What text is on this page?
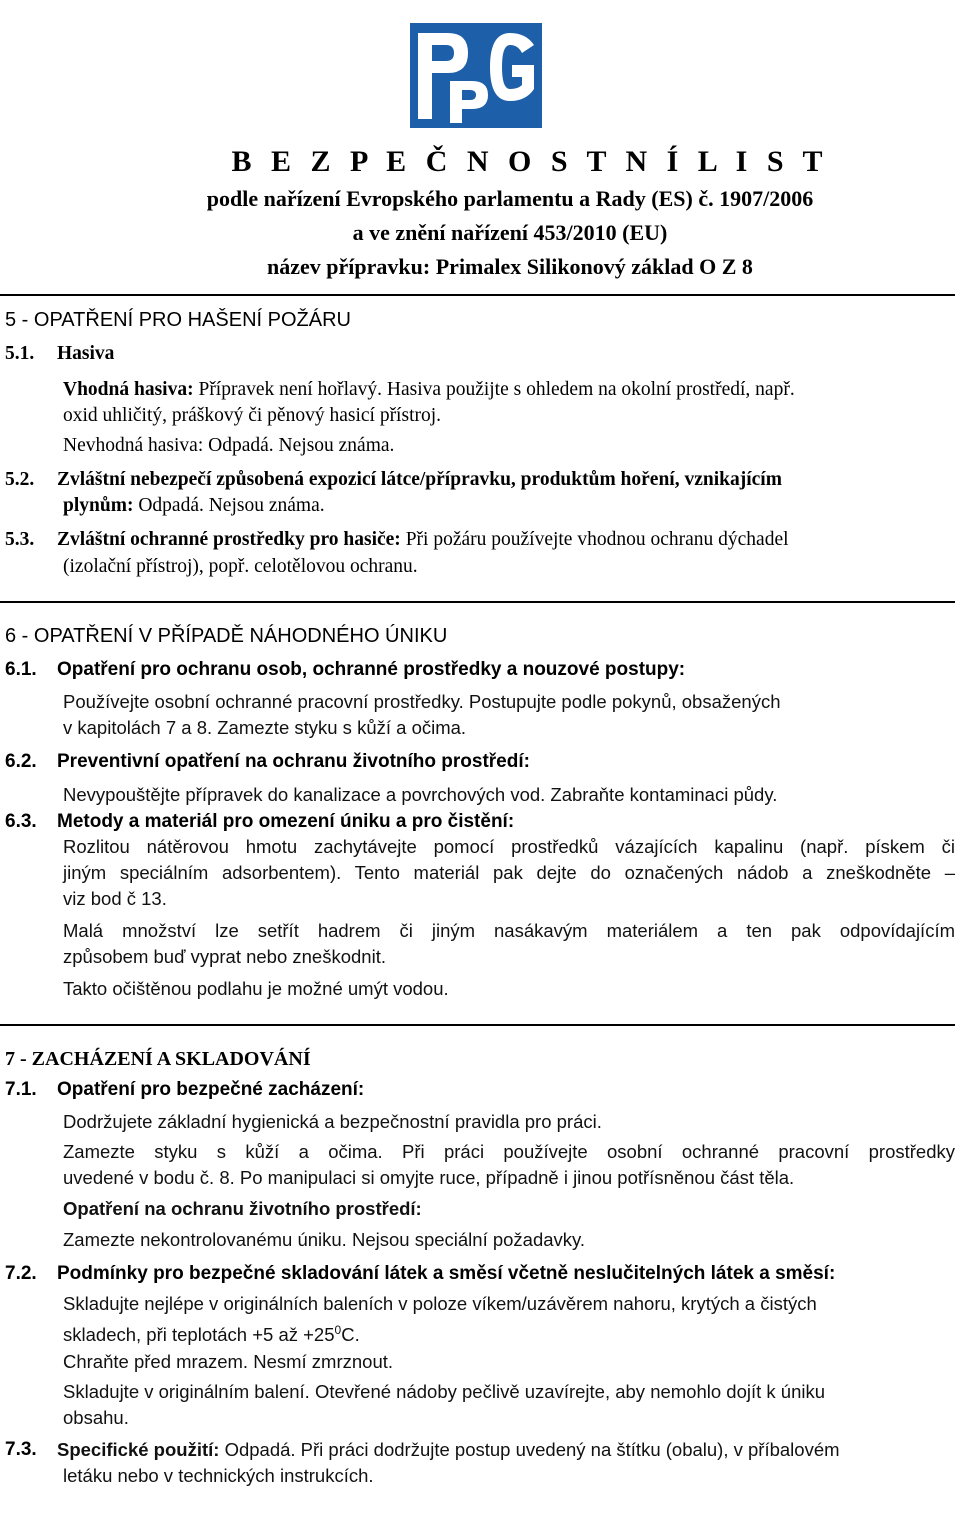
B E Z P E Č N O S T N Í L I S T
podle nařízení Evropského parlamentu a Rady (ES) č. 1907/2006
a ve znění nařízení 453/2010 (EU)
název přípravku: Primalex Silikonový základ O Z 8
5 - OPATŘENÍ PRO HAŠENÍ POŽÁRU
5.1. Hasiva
Vhodná hasiva: Přípravek není hořlavý. Hasiva použijte s ohledem na okolní prostředí, např.
oxid uhličitý, práškový či pěnový hasicí přístroj.
Nevhodná hasiva: Odpadá. Nejsou známa.
5.2. Zvláštní nebezpečí způsobená expozicí látce/přípravku, produktům hoření, vznikajícím
plynům: Odpadá. Nejsou známa.
5.3. Zvláštní ochranné prostředky pro hasiče: Při požáru používejte vhodnou ochranu dýchadel
(izolační přístroj), popř. celotělovou ochranu.
6 - OPATŘENÍ V PŘÍPADĚ NÁHODNÉHO ÚNIKU
6.1. Opatření pro ochranu osob, ochranné prostředky a nouzové postupy:
Používejte osobní ochranné pracovní prostředky. Postupujte podle pokynů, obsažených
v kapitolách 7 a 8. Zamezte styku s kůží a očima.
6.2. Preventivní opatření na ochranu životního prostředí:
Nevypouštějte přípravek do kanalizace a povrchových vod. Zabraňte kontaminaci půdy.
6.3. Metody a materiál pro omezení úniku a pro čistění:
Rozlitou nátěrovou hmotu zachytávejte pomocí prostředků vázajících kapalinu (např. pískem či
jiným speciálním adsorbentem). Tento materiál pak dejte do označených nádob a zneškodněte –
viz bod č 13.
Malá množství lze setřít hadrem či jiným nasákavým materiálem a ten pak odpovídajícím
způsobem buď vyprat nebo zneškodnit.
Takto očištěnou podlahu je možné umýt vodou.
7 - ZACHÁZENÍ A SKLADOVÁNÍ
7.1. Opatření pro bezpečné zacházení:
Dodržujete základní hygienická a bezpečnostní pravidla pro práci.
Zamezte styku s kůží a očima. Při práci používejte osobní ochranné pracovní prostředky
uvedené v bodu č. 8. Po manipulaci si omyjte ruce, případně i jinou potřísněnou část těla.
Opatření na ochranu životního prostředí:
Zamezte nekontrolovanému úniku. Nejsou speciální požadavky.
7.2. Podmínky pro bezpečné skladování látek a směsí včetně neslučitelných látek a směsí:
Skladujte nejlépe v originálních baleních v poloze víkem/uzávěrem nahoru, krytých a čistých
skladech, při teplotách +5 až $+25^0C$.
Chraňte před mrazem. Nesmí zmrznout.
Skladujte v originálním balení. Otevřené nádoby pečlivě uzavírejte, aby nemohlo dojít k úniku
obsahu.
7.3. Specifické použití: Odpadá. Při práci dodržujte postup uvedený na štítku (obalu), v příbalovém
letáku nebo v technických instrukcích.
